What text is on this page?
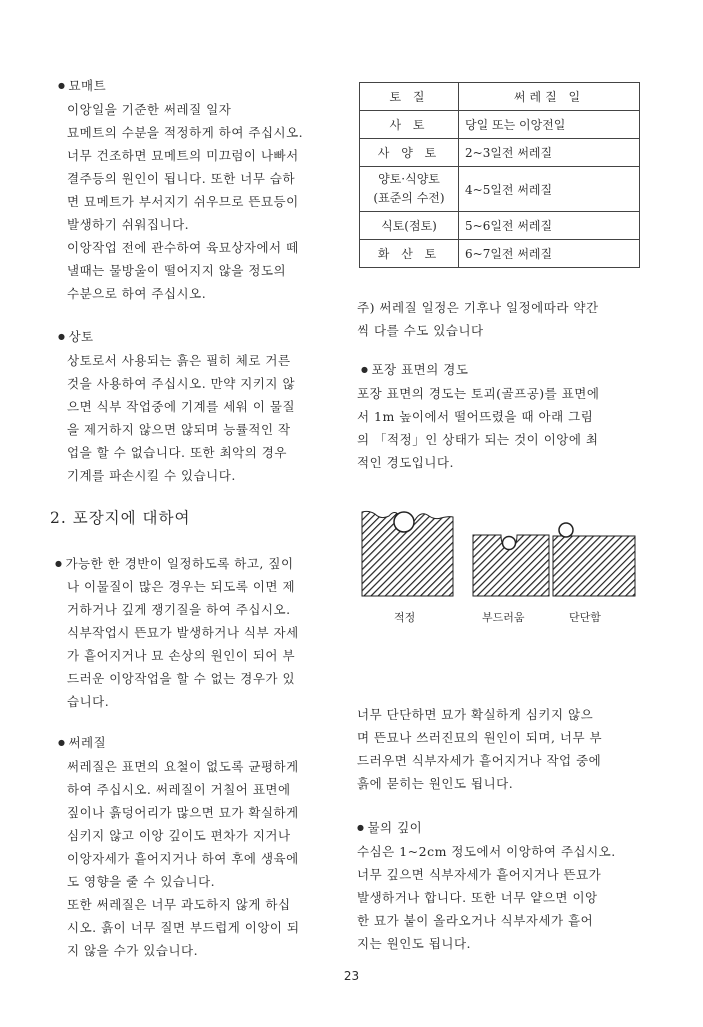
● 묘매트
이앙일을 기준한 써레질 일자
묘메트의 수분을 적정하게 하여 주십시오.
너무 건조하면 묘메트의 미끄럼이 나빠서
결주등의 원인이 됩니다. 또한 너무 습하
면 묘메트가 부서지기 쉬우므로 뜬묘등이
발생하기 쉬워집니다.
이앙작업 전에 관수하여 육묘상자에서 떼
낼때는 물방울이 떨어지지 않을 정도의
수분으로 하여 주십시오.
● 상토
상토로서 사용되는 흙은 필히 체로 거른
것을 사용하여 주십시오. 만약 지키지 않
으면 식부 작업중에 기계를 세워 이 물질
을 제거하지 않으면 않되며 능률적인 작
업을 할 수 없습니다. 또한 최악의 경우
기계를 파손시킬 수 있습니다.
2. 포장지에 대하여
● 가능한 한 경반이 일정하도록 하고, 짚이
나 이물질이 많은 경우는 되도록 이면 제
거하거나 깊게 쟁기질을 하여 주십시오.
식부작업시 뜬묘가 발생하거나 식부 자세
가 흩어지거나 묘 손상의 원인이 되어 부
드러운 이앙작업을 할 수 없는 경우가 있
습니다.
● 써레질
써레질은 표면의 요철이 없도록 균평하게
하여 주십시오. 써레질이 거칠어 표면에
짚이나 흙덩어리가 많으면 묘가 확실하게
심키지 않고 이앙 깊이도 편차가 지거나
이앙자세가 흩어지거나 하여 후에 생육에
도 영향을 줄 수 있습니다.
또한 써레질은 너무 과도하지 않게 하십
시오. 흙이 너무 질면 부드럽게 이앙이 되
지 않을 수가 있습니다.
토 질	써레질 일
사 토	당일 또는 이앙전일
사 양 토	2~3일전 써레질

양토·식양토
(표준의 수전)	4~5일전 써레질
식토(점토)	5~6일전 써레질
화 산 토	6~7일전 써레질
주) 써레질 일정은 기후나 일정에따라 약간
씩 다를 수도 있습니다
● 포장 표면의 경도
포장 표면의 경도는 토괴(골프공)를 표면에
서 1m 높이에서 떨어뜨렸을 때 아래 그림
의 「적정」인 상태가 되는 것이 이앙에 최
적인 경도입니다.
적정	부드러움	단단함
너무 단단하면 묘가 확실하게 심키지 않으
며 뜬묘나 쓰러진묘의 원인이 되며, 너무 부
드러우면 식부자세가 흩어지거나 작업 중에
흙에 묻히는 원인도 됩니다.
● 물의 깊이
수심은 1~2cm 정도에서 이앙하여 주십시오.
너무 깊으면 식부자세가 흩어지거나 뜬묘가
발생하거나 합니다. 또한 너무 얕으면 이앙
한 묘가 붙이 올라오거나 식부자세가 흩어
지는 원인도 됩니다.
23
